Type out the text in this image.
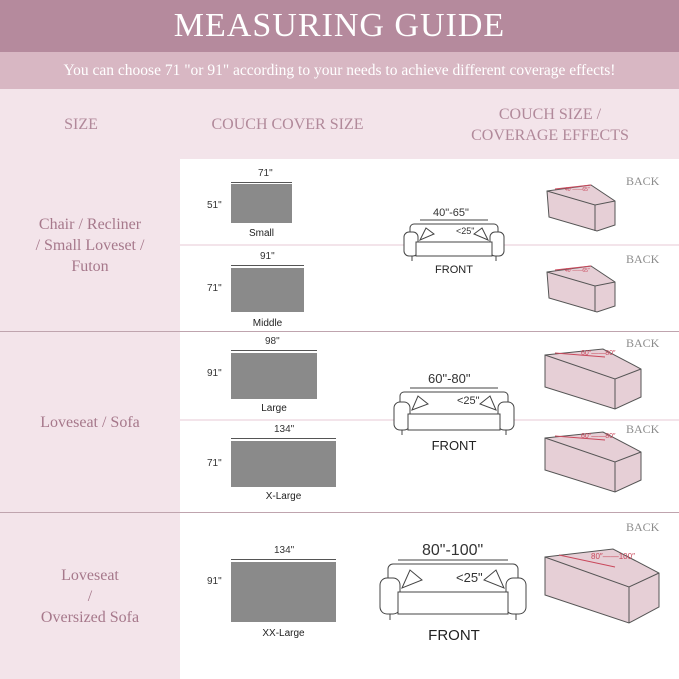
MEASURING GUIDE
You can choose 71 "or 91" according to your needs to achieve different coverage effects!
SIZE	COUCH COVER SIZE
COUCH SIZE /
COVERAGE EFFECTS
Chair / Recliner
/ Small Loveset /
Futon
71"
51"
Small
91"
71"
Middle
40"-65"
<25"
FRONT
BACK
40″——65″
BACK
40″——65″
Loveseat / Sofa
98"
91"
Large
134"
71"
X-Large
60"-80"
<25"
FRONT
BACK
60″——80″
BACK
60″——80″
Loveseat
/
Oversized Sofa
134"
91"
XX-Large
80"-100"
<25"
FRONT
BACK
80″——100″
